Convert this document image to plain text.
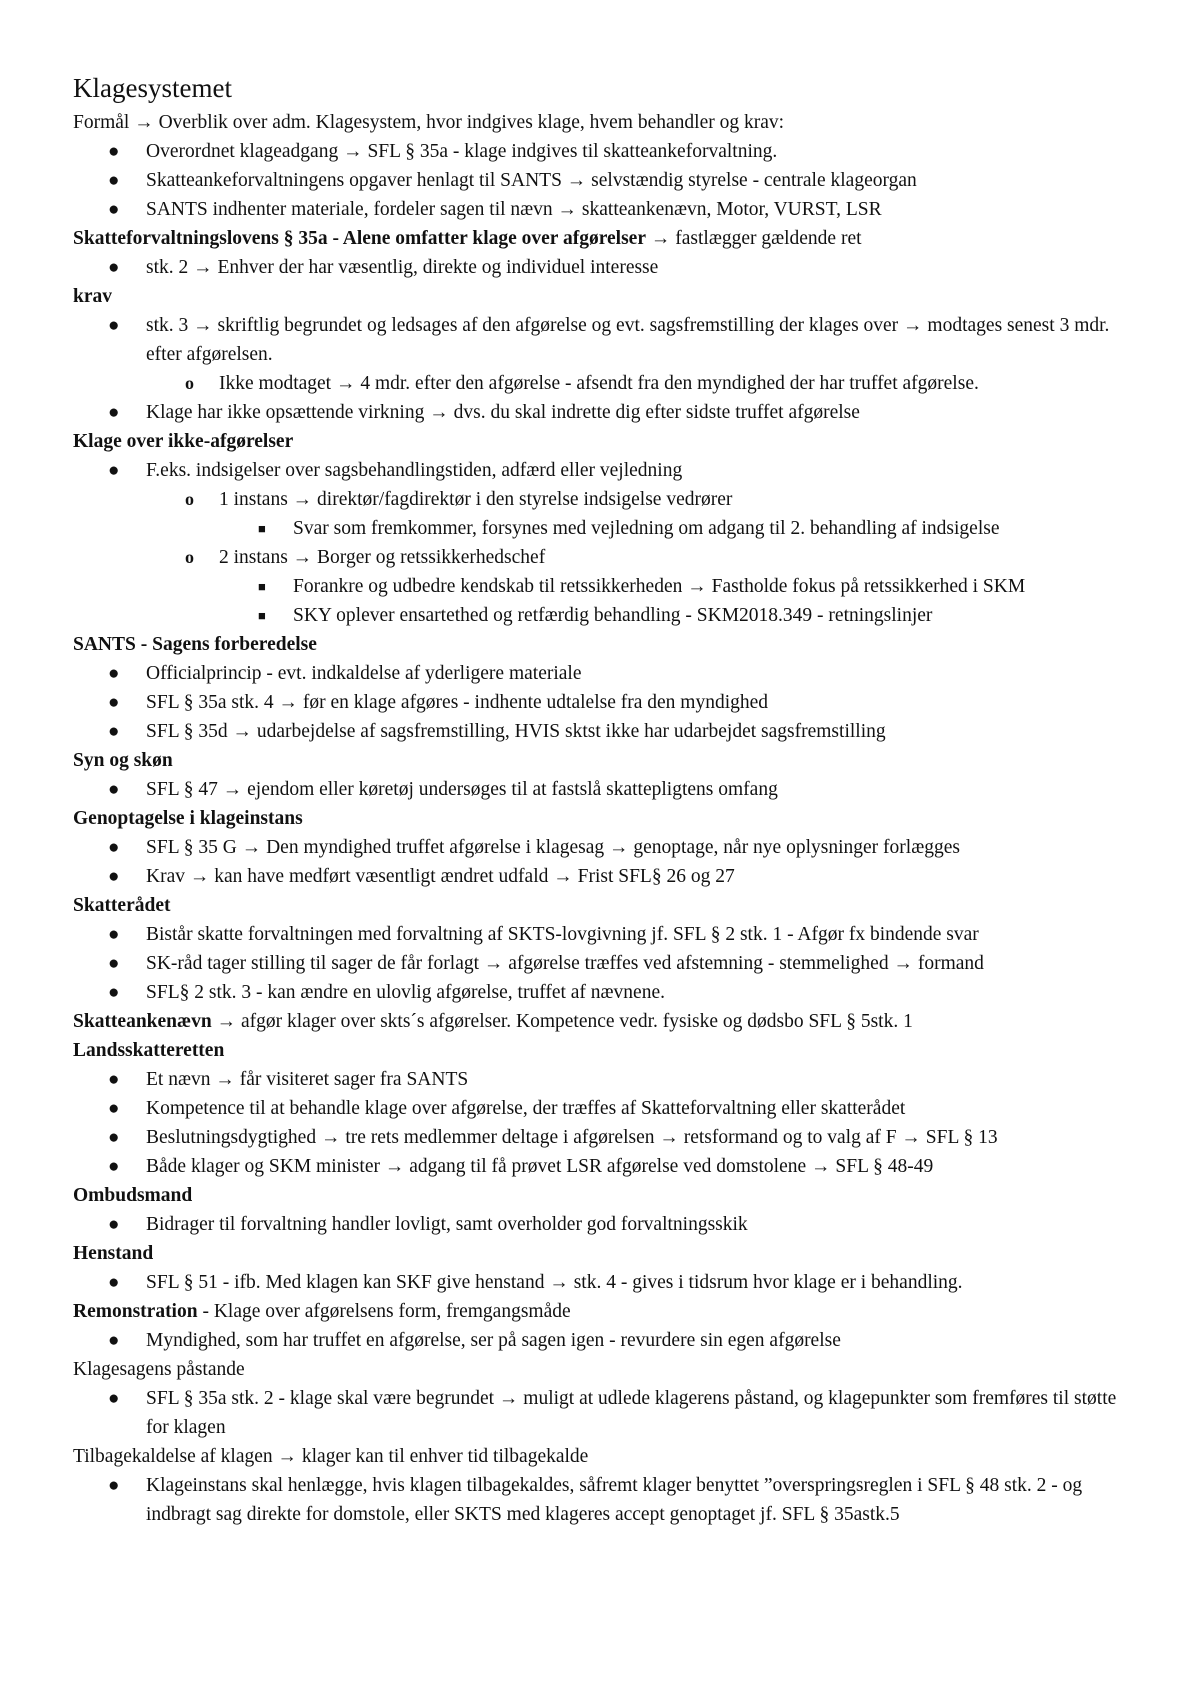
Klagesystemet
Formål → Overblik over adm. Klagesystem, hvor indgives klage, hvem behandler og krav:
● Overordnet klageadgang → SFL § 35a - klage indgives til skatteankeforvaltning.
● Skatteankeforvaltningens opgaver henlagt til SANTS → selvstændig styrelse - centrale klageorgan
● SANTS indhenter materiale, fordeler sagen til nævn → skatteankenævn, Motor, VURST, LSR
Skatteforvaltningslovens § 35a - Alene omfatter klage over afgørelser → fastlægger gældende ret
● stk. 2 → Enhver der har væsentlig, direkte og individuel interesse
krav
● stk. 3 → skriftlig begrundet og ledsages af den afgørelse og evt. sagsfremstilling der klages over → modtages senest 3 mdr. efter afgørelsen.
o Ikke modtaget → 4 mdr. efter den afgørelse - afsendt fra den myndighed der har truffet afgørelse.
● Klage har ikke opsættende virkning → dvs. du skal indrette dig efter sidste truffet afgørelse
Klage over ikke-afgørelser
● F.eks. indsigelser over sagsbehandlingstiden, adfærd eller vejledning
o 1 instans → direktør/fagdirektør i den styrelse indsigelse vedrører
■ Svar som fremkommer, forsynes med vejledning om adgang til 2. behandling af indsigelse
o 2 instans → Borger og retssikkerhedschef
■ Forankre og udbedre kendskab til retssikkerheden → Fastholde fokus på retssikkerhed i SKM
■ SKY oplever ensartethed og retfærdig behandling - SKM2018.349 - retningslinjer
SANTS - Sagens forberedelse
● Officialprincip - evt. indkaldelse af yderligere materiale
● SFL § 35a stk. 4 → før en klage afgøres - indhente udtalelse fra den myndighed
● SFL § 35d → udarbejdelse af sagsfremstilling, HVIS sktst ikke har udarbejdet sagsfremstilling
Syn og skøn
● SFL § 47 → ejendom eller køretøj undersøges til at fastslå skattepligtens omfang
Genoptagelse i klageinstans
● SFL § 35 G → Den myndighed truffet afgørelse i klagesag → genoptage, når nye oplysninger forlægges
● Krav → kan have medført væsentligt ændret udfald → Frist SFL§ 26 og 27
Skatterådet
● Bistår skatte forvaltningen med forvaltning af SKTS-lovgivning jf. SFL § 2 stk. 1 - Afgør fx bindende svar
● SK-råd tager stilling til sager de får forlagt → afgørelse træffes ved afstemning - stemmelighed → formand
● SFL§ 2 stk. 3 - kan ændre en ulovlig afgørelse, truffet af nævnene.
Skatteankenævn → afgør klager over skts´s afgørelser. Kompetence vedr. fysiske og dødsbo SFL § 5stk. 1
Landsskatteretten
● Et nævn → får visiteret sager fra SANTS
● Kompetence til at behandle klage over afgørelse, der træffes af Skatteforvaltning eller skatterådet
● Beslutningsdygtighed → tre rets medlemmer deltage i afgørelsen → retsformand og to valg af F → SFL § 13
● Både klager og SKM minister → adgang til få prøvet LSR afgørelse ved domstolene → SFL § 48-49
Ombudsmand
● Bidrager til forvaltning handler lovligt, samt overholder god forvaltningsskik
Henstand
● SFL § 51 - ifb. Med klagen kan SKF give henstand → stk. 4 - gives i tidsrum hvor klage er i behandling.
Remonstration - Klage over afgørelsens form, fremgangsmåde
● Myndighed, som har truffet en afgørelse, ser på sagen igen - revurdere sin egen afgørelse
Klagesagens påstande
● SFL § 35a stk. 2 - klage skal være begrundet → muligt at udlede klagerens påstand, og klagepunkter som fremføres til støtte for klagen
Tilbagekaldelse af klagen → klager kan til enhver tid tilbagekalde
● Klageinstans skal henlægge, hvis klagen tilbagekaldes, såfremt klager benyttet ”overspringsreglen i SFL § 48 stk. 2 - og indbragt sag direkte for domstole, eller SKTS med klageres accept genoptaget jf. SFL § 35astk.5
